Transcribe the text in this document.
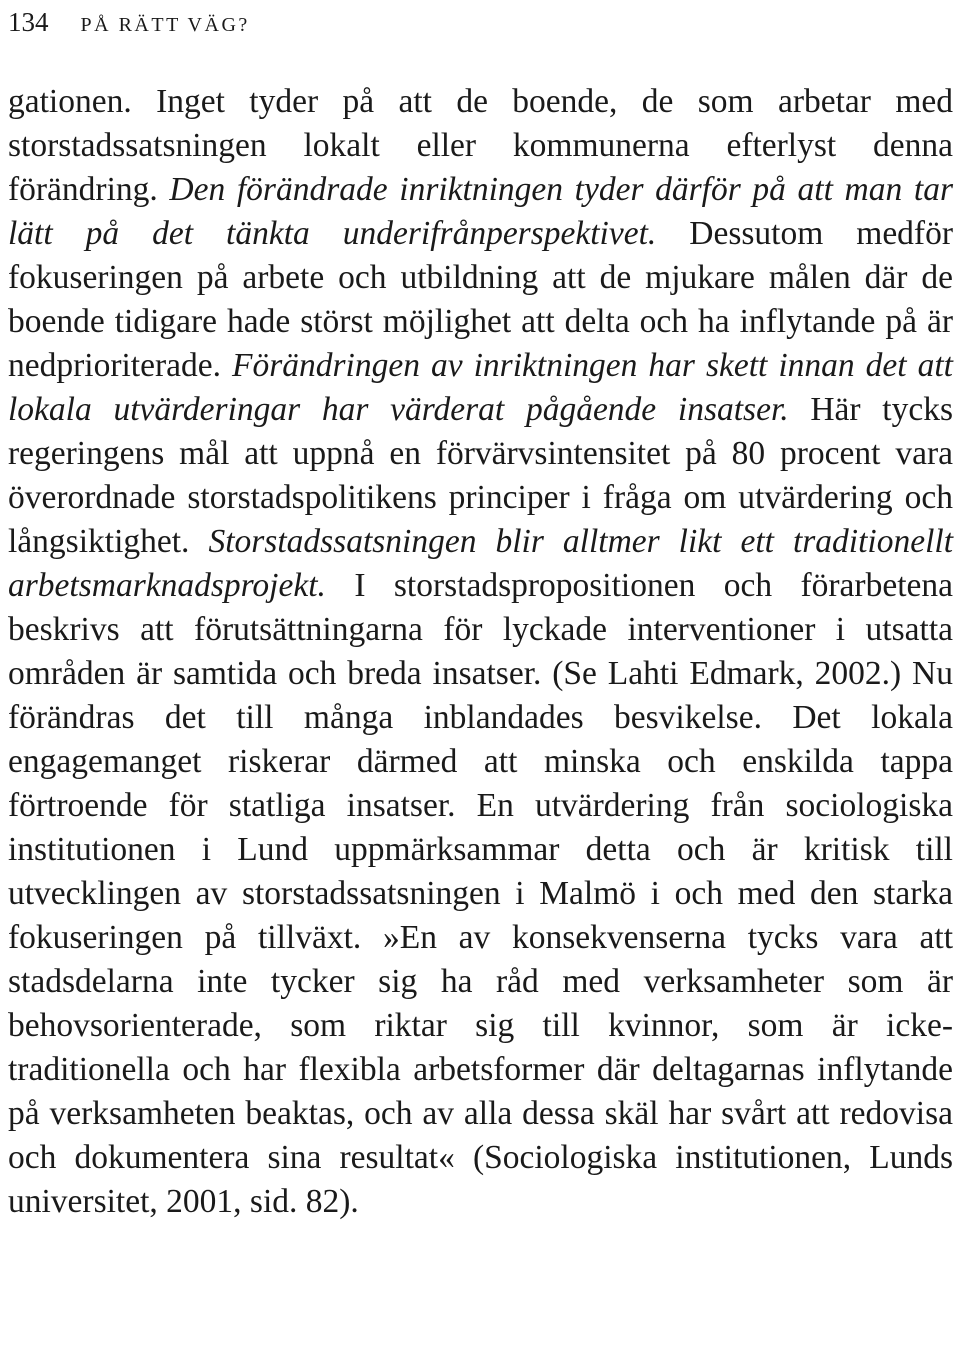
134 PÅ RÄTT VÄG?

gationen. Inget tyder på att de boende, de som arbetar med storstadssatsningen lokalt eller kommunerna efterlyst denna förändring. Den förändrade inriktningen tyder därför på att man tar lätt på det tänkta underifrånperspektivet. Dessutom medför fokuseringen på arbete och utbildning att de mjukare målen där de boende tidigare hade störst möjlighet att delta och ha inflytande på är nedprioriterade. Förändringen av inriktningen har skett innan det att lokala utvärderingar har värderat pågående insatser. Här tycks regeringens mål att uppnå en förvärvsintensitet på 80 procent vara överordnade storstadspolitikens principer i fråga om utvärdering och långsiktighet. Storstadssatsningen blir alltmer likt ett traditionellt arbetsmarknadsprojekt. I storstadspropositionen och förarbetena beskrivs att förutsättningarna för lyckade interventioner i utsatta områden är samtida och breda insatser. (Se Lahti Edmark, 2002.) Nu förändras det till många inblandades besvikelse. Det lokala engagemanget riskerar därmed att minska och enskilda tappa förtroende för statliga insatser. En utvärdering från sociologiska institutionen i Lund uppmärksammar detta och är kritisk till utvecklingen av storstadssatsningen i Malmö i och med den starka fokuseringen på tillväxt. »En av konsekvenserna tycks vara att stadsdelarna inte tycker sig ha råd med verksamheter som är behovsorienterade, som riktar sig till kvinnor, som är icke-traditionella och har flexibla arbetsformer där deltagarnas inflytande på verksamheten beaktas, och av alla dessa skäl har svårt att redovisa och dokumentera sina resultat« (Sociologiska institutionen, Lunds universitet, 2001, sid. 82).
